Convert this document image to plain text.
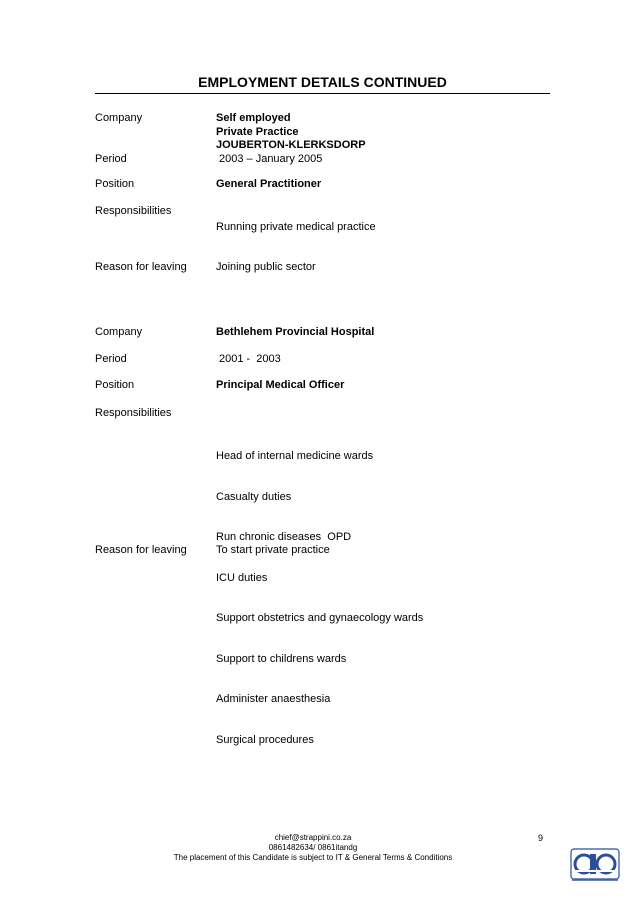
EMPLOYMENT DETAILS CONTINUED
Company	Self employed
Private Practice
JOUBERTON-KLERKSDORP
Period	2003 – January 2005
Position	General Practitioner
Responsibilities
Running private medical practice
Reason for leaving	Joining public sector
Company	Bethlehem Provincial Hospital
Period	2001 -  2003
Position	Principal Medical Officer
Responsibilities

Head of internal medicine wards

Casualty duties

Run chronic diseases  OPD

ICU duties

Support obstetrics and gynaecology wards

Support to childrens wards

Administer anaesthesia

Surgical procedures

Reason for leaving	To start private practice
chief@strappini.co.za
0861482634/ 0861itandg
The placement of this Candidate is subject to IT & General Terms & Conditions
9
